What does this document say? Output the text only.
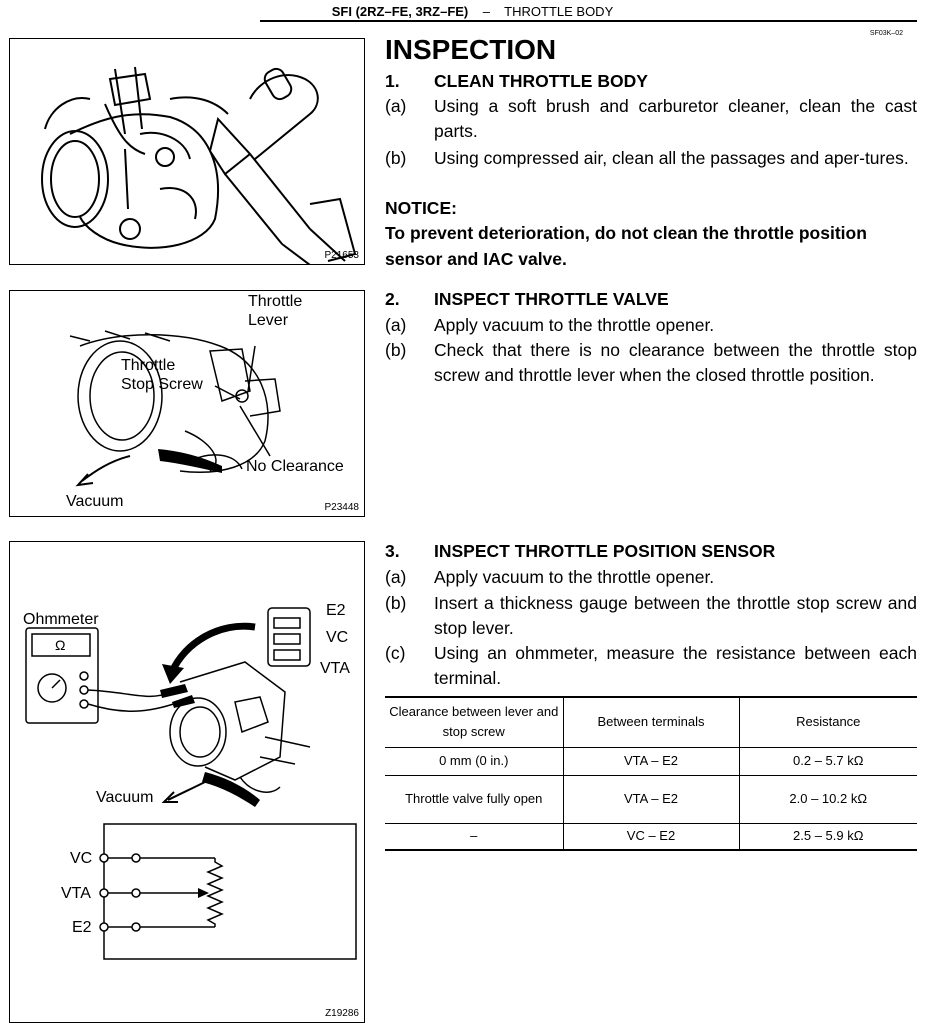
SFI (2RZ–FE, 3RZ–FE) – THROTTLE BODY
SF03K–02
P21653
Throttle
Lever
Throttle
Stop Screw
No Clearance
Vacuum	P23448
Ohmmeter
Ω
E2
VC
VTA
Vacuum
VC
VTA
E2
Z19286
INSPECTION
1. CLEAN THROTTLE BODY
(a) Using a soft brush and carburetor cleaner, clean the cast parts.
(b) Using compressed air, clean all the passages and aper-tures.
NOTICE:
To prevent deterioration, do not clean the throttle position sensor and IAC valve.
2. INSPECT THROTTLE VALVE
(a) Apply vacuum to the throttle opener.
(b) Check that there is no clearance between the throttle stop screw and throttle lever when the closed throttle position.
3. INSPECT THROTTLE POSITION SENSOR
(a) Apply vacuum to the throttle opener.
(b) Insert a thickness gauge between the throttle stop screw and stop lever.
(c) Using an ohmmeter, measure the resistance between each terminal.
Clearance between lever and stop screw	Between terminals	Resistance
0 mm (0 in.)	VTA – E2	0.2 – 5.7 kΩ
Throttle valve fully open	VTA – E2	2.0 – 10.2 kΩ
–	VC – E2	2.5 – 5.9 kΩ
